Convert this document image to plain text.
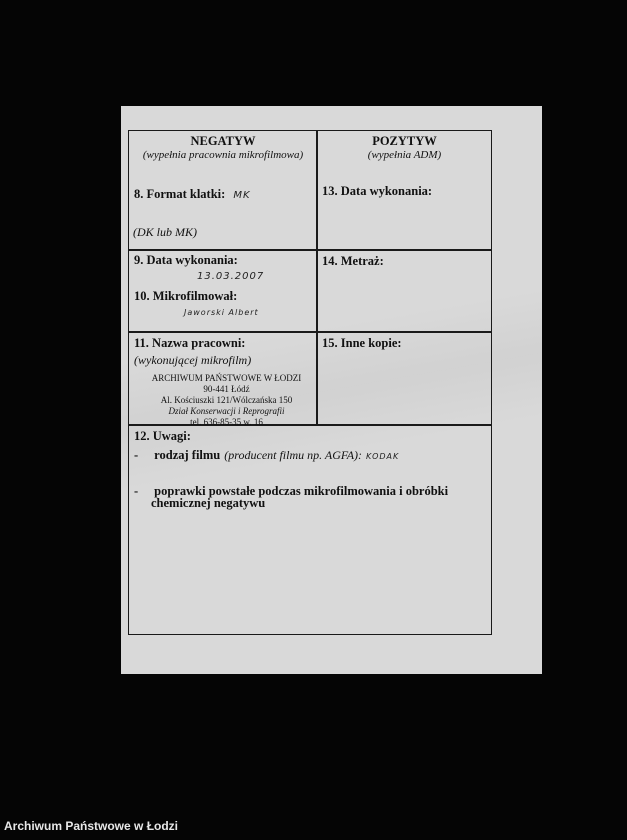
NEGATYW
(wypełnia pracownia mikrofilmowa)
8. Format klatki: MK
(DK lub MK)
POZYTYW
(wypełnia ADM)
13. Data wykonania:
9. Data wykonania:
13.03.2007
10. Mikrofilmował:
Jaworski Albert
14. Metraż:
11. Nazwa pracowni:
(wykonującej mikrofilm)
ARCHIWUM PAŃSTWOWE W ŁODZI
90-441 Łódź
Al. Kościuszki 121/Wólczańska 150
Dział Konserwacji i Reprografii
tel. 636-85-35 w. 16
15. Inne kopie:
12. Uwagi:
- rodzaj filmu (producent filmu np. AGFA): KODAK
- poprawki powstałe podczas mikrofilmowania i obróbki
chemicznej negatywu
Archiwum Państwowe w Łodzi
